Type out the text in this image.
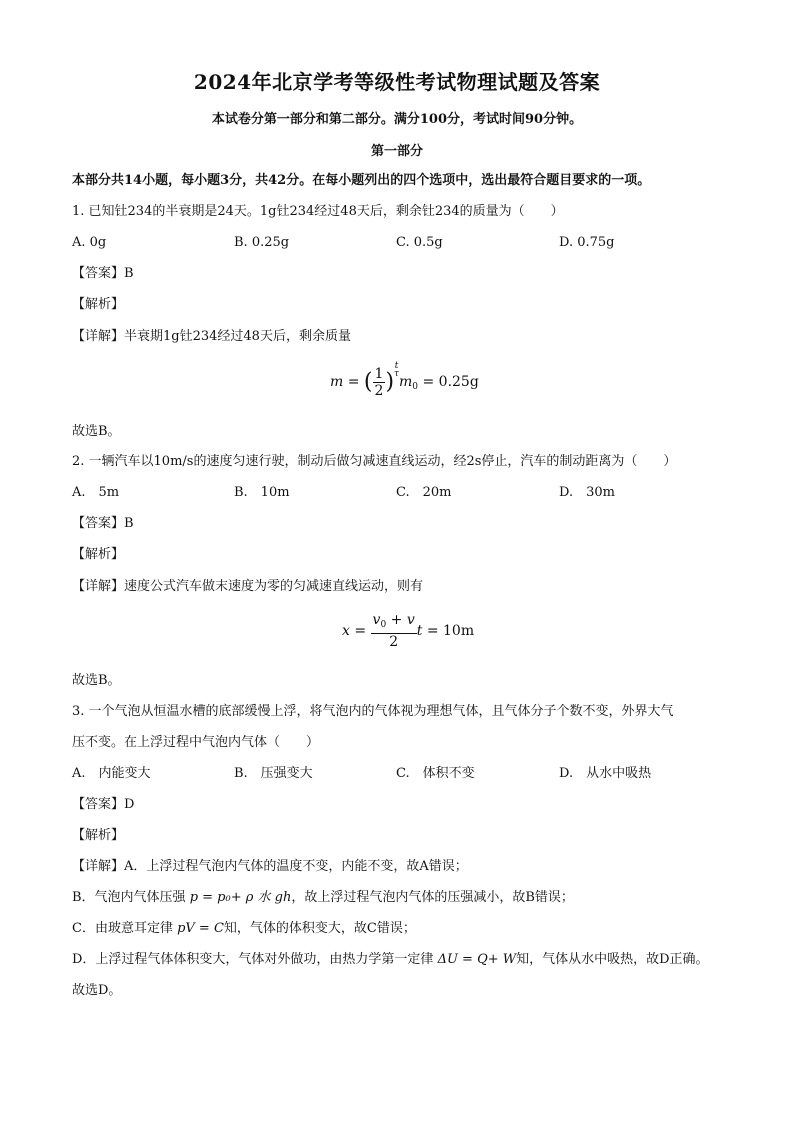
2024年北京学考等级性考试物理试题及答案
本试卷分第一部分和第二部分。满分100分，考试时间90分钟。
第一部分
本部分共14小题，每小题3分，共42分。在每小题列出的四个选项中，选出最符合题目要求的一项。
1. 已知钍234的半衰期是24天。1g钍234经过48天后，剩余钍234的质量为（　　）
A. 0g	B. 0.25g	C. 0.5g	D. 0.75g
【答案】B
【解析】
【详解】半衰期1g钍234经过48天后，剩余质量
m = ( $\frac{1}{2}$ )
t
τ $m_0 = 0.25g$
故选B。
2. 一辆汽车以10m/s的速度匀速行驶，制动后做匀减速直线运动，经2s停止，汽车的制动距离为（　　）
A.　5m	B.　10m	C.　20m	D.　30m
【答案】B
【解析】
【详解】速度公式汽车做末速度为零的匀减速直线运动，则有
$x = \frac{v_0 + v}{2}$ t = 10m
故选B。
3. 一个气泡从恒温水槽的底部缓慢上浮，将气泡内的气体视为理想气体，且气体分子个数不变，外界大气
压不变。在上浮过程中气泡内气体（　　）
A.　内能变大	B.　压强变大	C.　体积不变	D.　从水中吸热
【答案】D
【解析】
【详解】A．上浮过程气泡内气体的温度不变，内能不变，故A错误；
B．气泡内气体压强 p = p₀+ ρ 水 gh，故上浮过程气泡内气体的压强减小，故B错误；
C．由玻意耳定律 pV = C知，气体的体积变大，故C错误；
D．上浮过程气体体积变大，气体对外做功，由热力学第一定律 ΔU = Q+ W知，气体从水中吸热，故D正确。
故选D。
